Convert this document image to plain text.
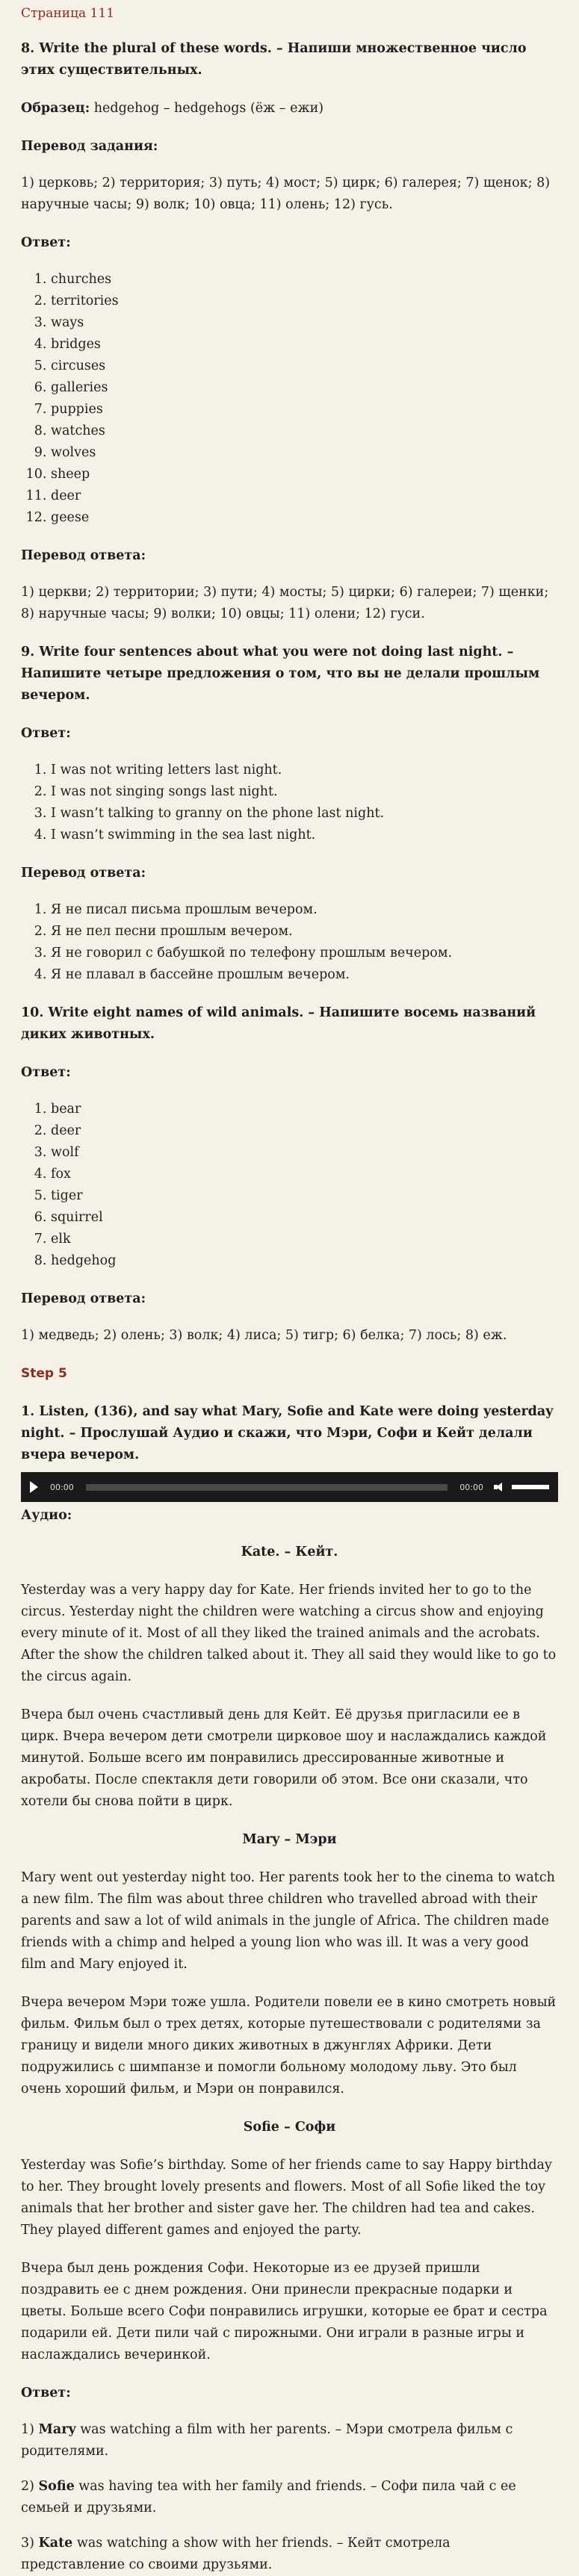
Страница 111
8. Write the plural of these words. – Напиши множественное число этих существительных.

Образец: hedgehog – hedgehogs (ёж – ежи)

Перевод задания:

1) церковь; 2) территория; 3) путь; 4) мост; 5) цирк; 6) галерея; 7) щенок; 8) наручные часы; 9) волк; 10) овца; 11) олень; 12) гусь.

Ответ:
1. churches
2. territories
3. ways
4. bridges
5. circuses
6. galleries
7. puppies
8. watches
9. wolves
10. sheep
11. deer
12. geese
Перевод ответа:

1) церкви; 2) территории; 3) пути; 4) мосты; 5) цирки; 6) галереи; 7) щенки; 8) наручные часы; 9) волки; 10) овцы; 11) олени; 12) гуси.

9. Write four sentences about what you were not doing last night. – Напишите четыре предложения о том, что вы не делали прошлым вечером.
Ответ:
1. I was not writing letters last night.
2. I was not singing songs last night.
3. I wasn’t talking to granny on the phone last night.
4. I wasn’t swimming in the sea last night.
Перевод ответа:
1. Я не писал письма прошлым вечером.
2. Я не пел песни прошлым вечером.
3. Я не говорил с бабушкой по телефону прошлым вечером.
4. Я не плавал в бассейне прошлым вечером.
10. Write eight names of wild animals. – Напишите восемь названий диких животных.
Ответ:
1. bear
2. deer
3. wolf
4. fox
5. tiger
6. squirrel
7. elk
8. hedgehog
Перевод ответа:

1) медведь; 2) олень; 3) волк; 4) лиса; 5) тигр; 6) белка; 7) лось; 8) еж.

Step 5
1. Listen, (136), and say what Mary, Sofie and Kate were doing yesterday night. – Прослушай Аудио и скажи, что Мэри, Софи и Кейт делали вчера вечером.
00:00	00:00
Аудио:
Kate. – Кейт.

Yesterday was a very happy day for Kate. Her friends invited her to go to the circus. Yesterday night the children were watching a circus show and enjoying every minute of it. Most of all they liked the trained animals and the acrobats. After the show the children talked about it. They all said they would like to go to the circus again.

Вчера был очень счастливый день для Кейт. Её друзья пригласили ее в цирк. Вчера вечером дети смотрели цирковое шоу и наслаждались каждой минутой. Больше всего им понравились дрессированные животные и акробаты. После спектакля дети говорили об этом. Все они сказали, что хотели бы снова пойти в цирк.

Mary – Мэри

Mary went out yesterday night too. Her parents took her to the cinema to watch a new film. The film was about three children who travelled abroad with their parents and saw a lot of wild animals in the jungle of Africa. The children made friends with a chimp and helped a young lion who was ill. It was a very good film and Mary enjoyed it.

Вчера вечером Мэри тоже ушла. Родители повели ее в кино смотреть новый фильм. Фильм был о трех детях, которые путешествовали с родителями за границу и видели много диких животных в джунглях Африки. Дети подружились с шимпанзе и помогли больному молодому льву. Это был очень хороший фильм, и Мэри он понравился.

Sofie – Софи

Yesterday was Sofie’s birthday. Some of her friends came to say Happy birthday to her. They brought lovely presents and flowers. Most of all Sofie liked the toy animals that her brother and sister gave her. The children had tea and cakes. They played different games and enjoyed the party.

Вчера был день рождения Софи. Некоторые из ее друзей пришли поздравить ее с днем рождения. Они принесли прекрасные подарки и цветы. Больше всего Софи понравились игрушки, которые ее брат и сестра подарили ей. Дети пили чай с пирожными. Они играли в разные игры и наслаждались вечеринкой.

Ответ:

1) Mary was watching a film with her parents. – Мэри смотрела фильм с родителями.

2) Sofie was having tea with her family and friends. – Софи пила чай с ее семьей и друзьями.

3) Kate was watching a show with her friends. – Кейт смотрела представление со своими друзьями.
